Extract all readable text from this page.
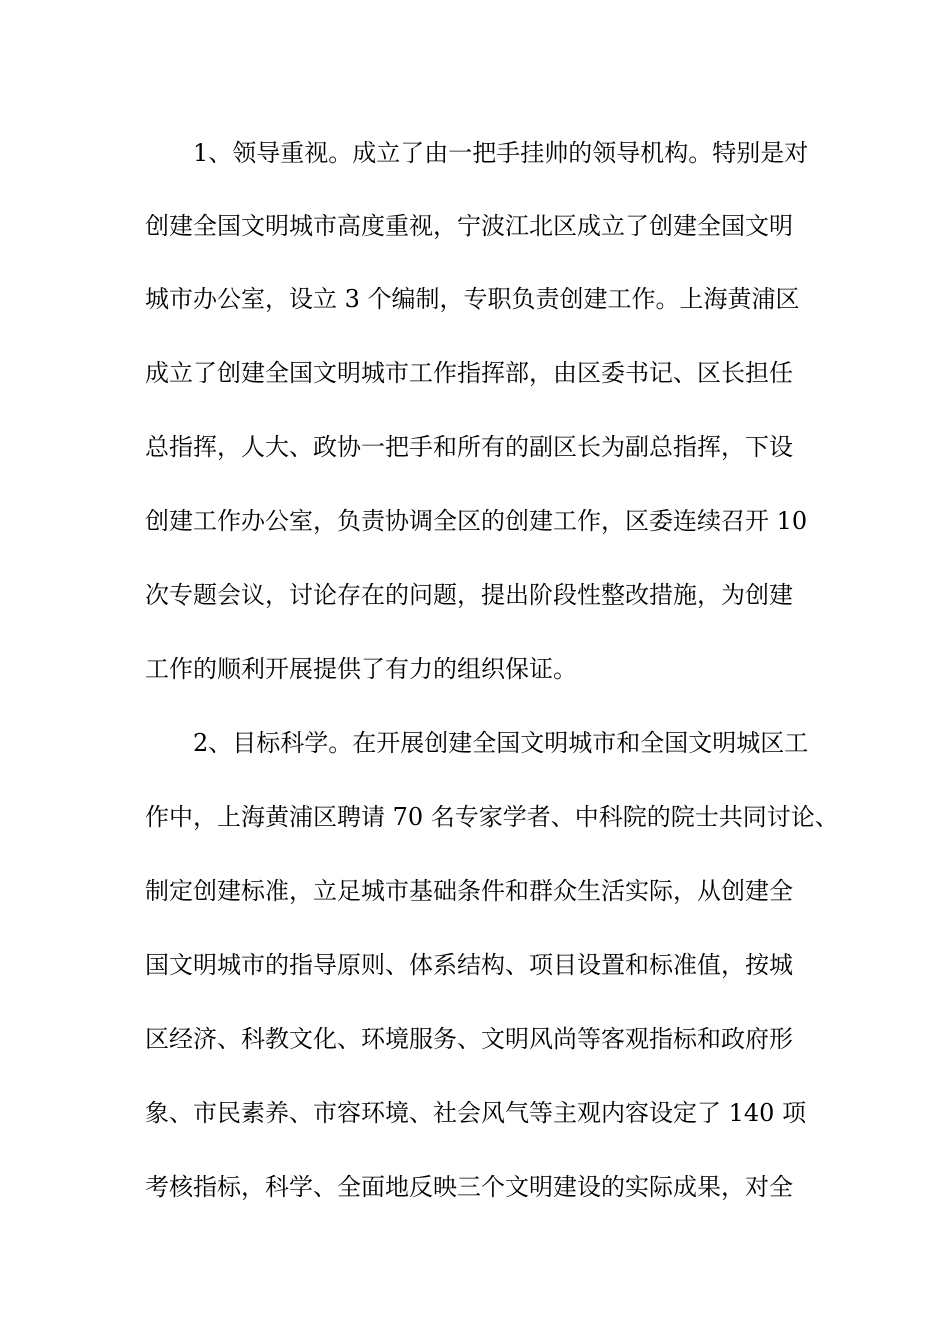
1、领导重视。成立了由一把手挂帅的领导机构。特别是对
创建全国文明城市高度重视，宁波江北区成立了创建全国文明
城市办公室，设立 3 个编制，专职负责创建工作。上海黄浦区
成立了创建全国文明城市工作指挥部，由区委书记、区长担任
总指挥，人大、政协一把手和所有的副区长为副总指挥，下设
创建工作办公室，负责协调全区的创建工作，区委连续召开 10
次专题会议，讨论存在的问题，提出阶段性整改措施，为创建
工作的顺利开展提供了有力的组织保证。
2、目标科学。在开展创建全国文明城市和全国文明城区工
作中，上海黄浦区聘请 70 名专家学者、中科院的院士共同讨论、
制定创建标准，立足城市基础条件和群众生活实际，从创建全
国文明城市的指导原则、体系结构、项目设置和标准值，按城
区经济、科教文化、环境服务、文明风尚等客观指标和政府形
象、市民素养、市容环境、社会风气等主观内容设定了 140 项
考核指标，科学、全面地反映三个文明建设的实际成果，对全
